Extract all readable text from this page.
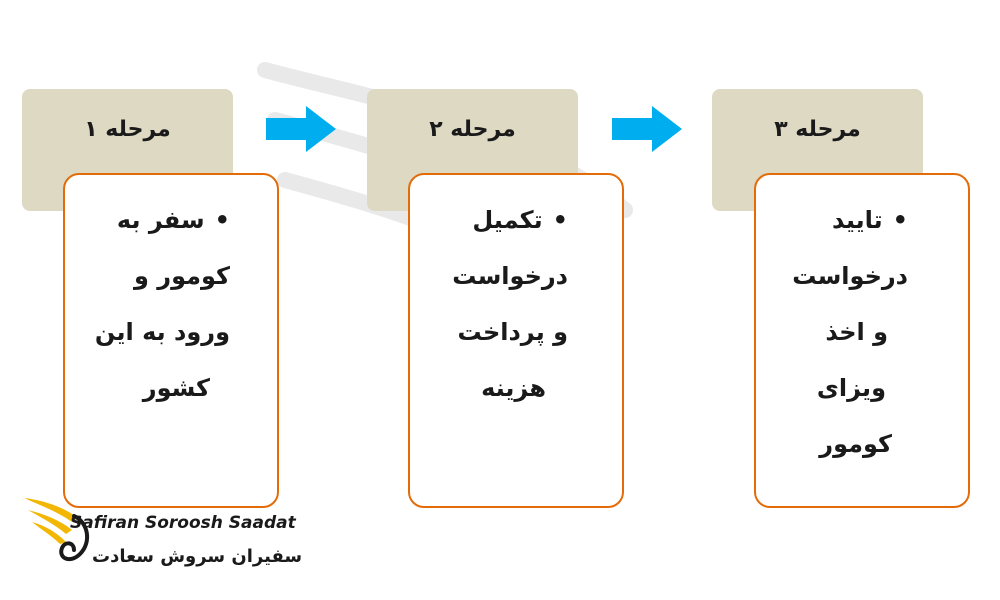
مرحله ۱
•سفر به
کومور و
ورود به این
کشور
مرحله ۲
•تکمیل
درخواست
و پرداخت
هزینه
مرحله ۳
•تایید
درخواست
و اخذ
ویزای
کومور
Safiran Soroosh Saadat
سفیران سروش سعادت
